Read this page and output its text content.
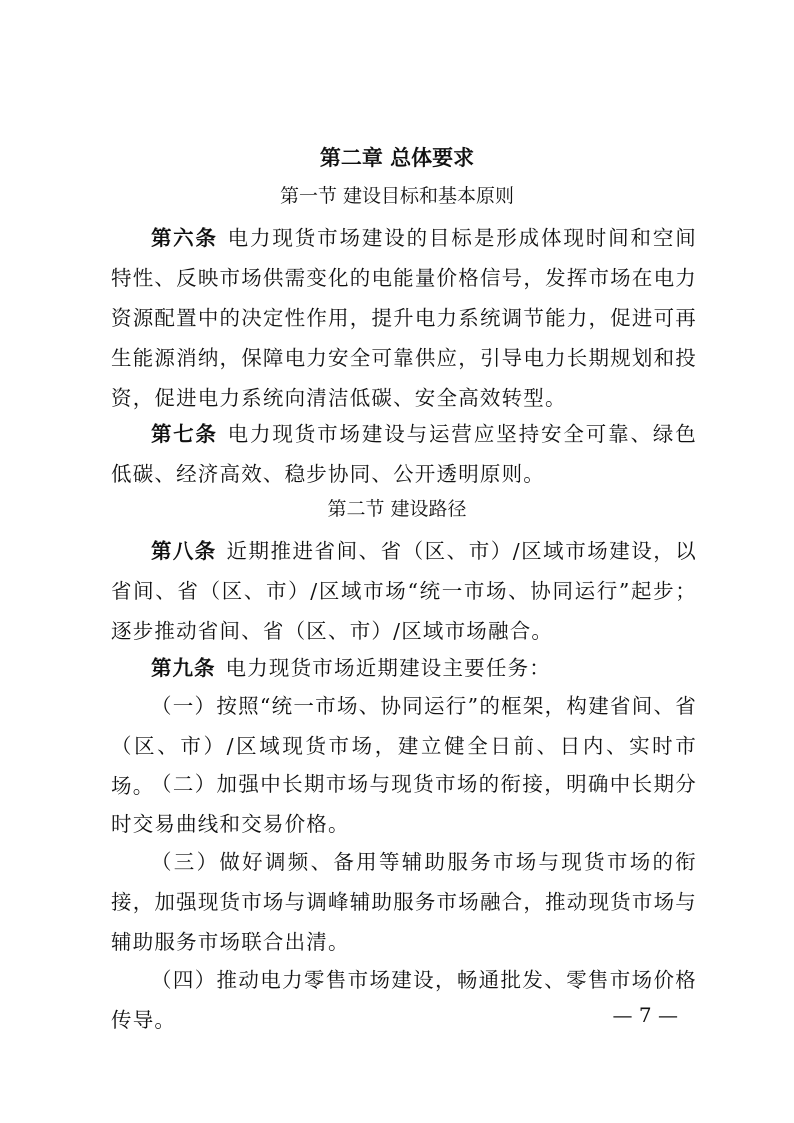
第二章 总体要求
第一节 建设目标和基本原则

第六条 电力现货市场建设的目标是形成体现时间和空间特性、反映市场供需变化的电能量价格信号，发挥市场在电力资源配置中的决定性作用，提升电力系统调节能力，促进可再生能源消纳，保障电力安全可靠供应，引导电力长期规划和投资，促进电力系统向清洁低碳、安全高效转型。

第七条 电力现货市场建设与运营应坚持安全可靠、绿色低碳、经济高效、稳步协同、公开透明原则。

第二节 建设路径

第八条 近期推进省间、省（区、市）/区域市场建设，以省间、省（区、市）/区域市场“统一市场、协同运行”起步；逐步推动省间、省（区、市）/区域市场融合。

第九条 电力现货市场近期建设主要任务：

（一）按照“统一市场、协同运行”的框架，构建省间、省（区、市）/区域现货市场，建立健全日前、日内、实时市场。

（二）加强中长期市场与现货市场的衔接，明确中长期分时交易曲线和交易价格。

（三）做好调频、备用等辅助服务市场与现货市场的衔接，加强现货市场与调峰辅助服务市场融合，推动现货市场与辅助服务市场联合出清。

（四）推动电力零售市场建设，畅通批发、零售市场价格传导。	— 7 —
